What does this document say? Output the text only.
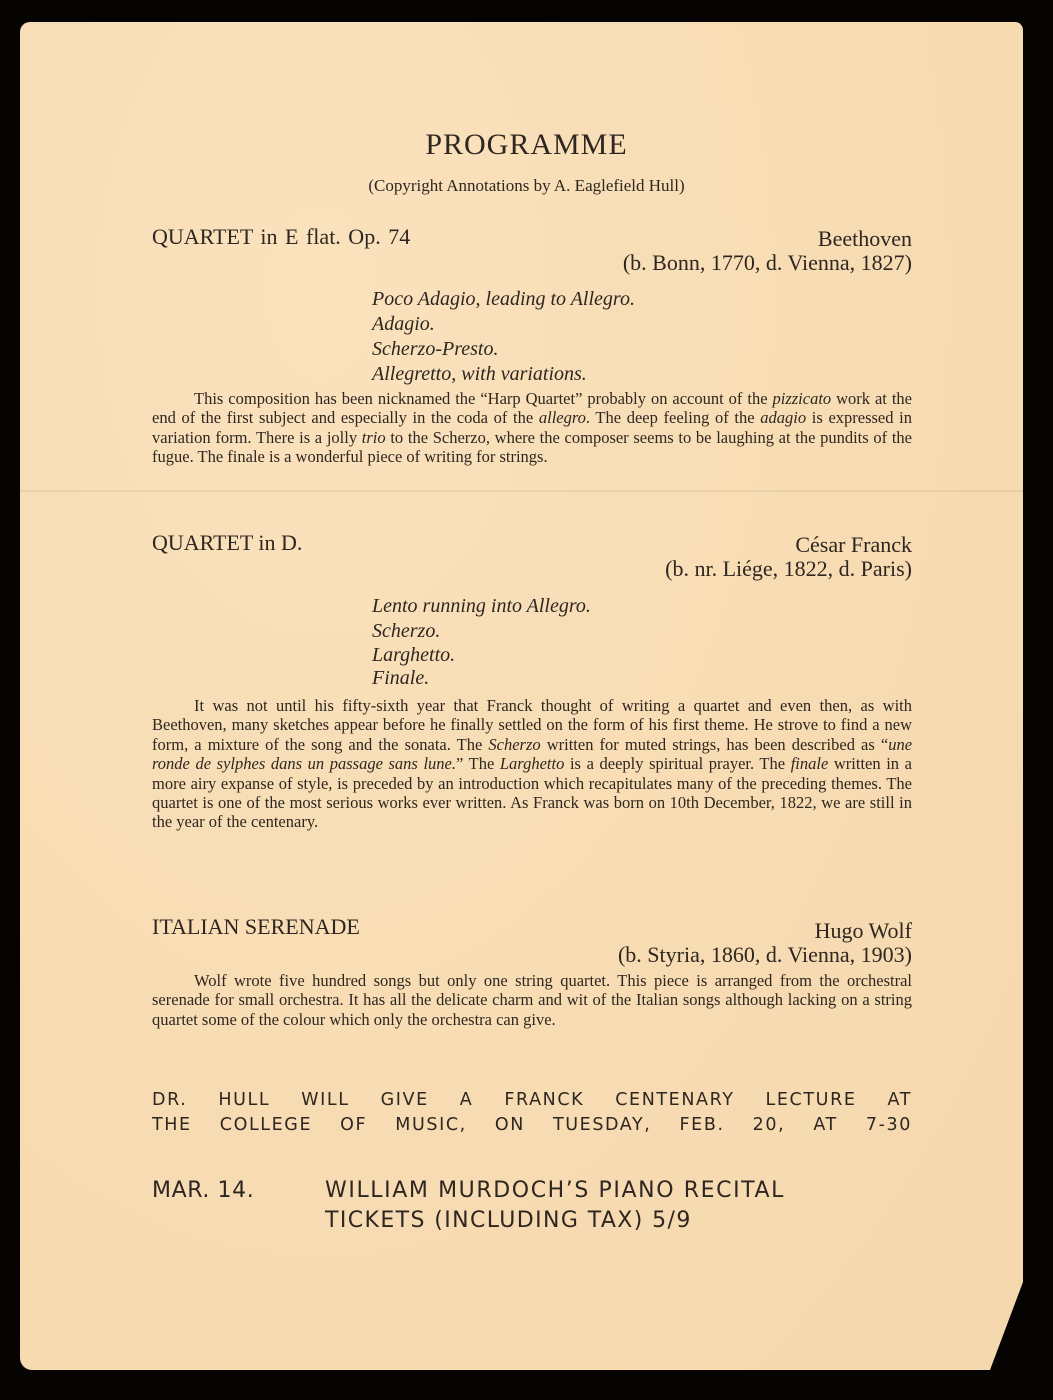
PROGRAMME
(Copyright Annotations by A. Eaglefield Hull)
QUARTET in E flat. Op. 74	Beethoven
(b. Bonn, 1770, d. Vienna, 1827)
Poco Adagio, leading to Allegro.
Adagio.
Scherzo-Presto.
Allegretto, with variations.
This composition has been nicknamed the “Harp Quartet” probably on account of the pizzicato work at the end of the first subject and especially in the coda of the allegro. The deep feeling of the adagio is expressed in variation form. There is a jolly trio to the Scherzo, where the composer seems to be laughing at the pundits of the fugue. The finale is a wonderful piece of writing for strings.
QUARTET in D.	César Franck
(b. nr. Liége, 1822, d. Paris)
Lento running into Allegro.
Scherzo.
Larghetto.
Finale.
It was not until his fifty-sixth year that Franck thought of writing a quartet and even then, as with Beethoven, many sketches appear before he finally settled on the form of his first theme. He strove to find a new form, a mixture of the song and the sonata. The Scherzo written for muted strings, has been described as “une ronde de sylphes dans un passage sans lune.” The Larghetto is a deeply spiritual prayer. The finale written in a more airy expanse of style, is preceded by an introduction which recapitulates many of the preceding themes. The quartet is one of the most serious works ever written. As Franck was born on 10th December, 1822, we are still in the year of the centenary.
ITALIAN SERENADE	Hugo Wolf
(b. Styria, 1860, d. Vienna, 1903)
Wolf wrote five hundred songs but only one string quartet. This piece is arranged from the orchestral serenade for small orchestra. It has all the delicate charm and wit of the Italian songs although lacking on a string quartet some of the colour which only the orchestra can give.
DR. HULL WILL GIVE A FRANCK CENTENARY LECTURE AT
THE COLLEGE OF MUSIC, ON TUESDAY, FEB. 20, AT 7-30
MAR. 14.	WILLIAM MURDOCH’S PIANO RECITAL
TICKETS (INCLUDING TAX) 5/9
